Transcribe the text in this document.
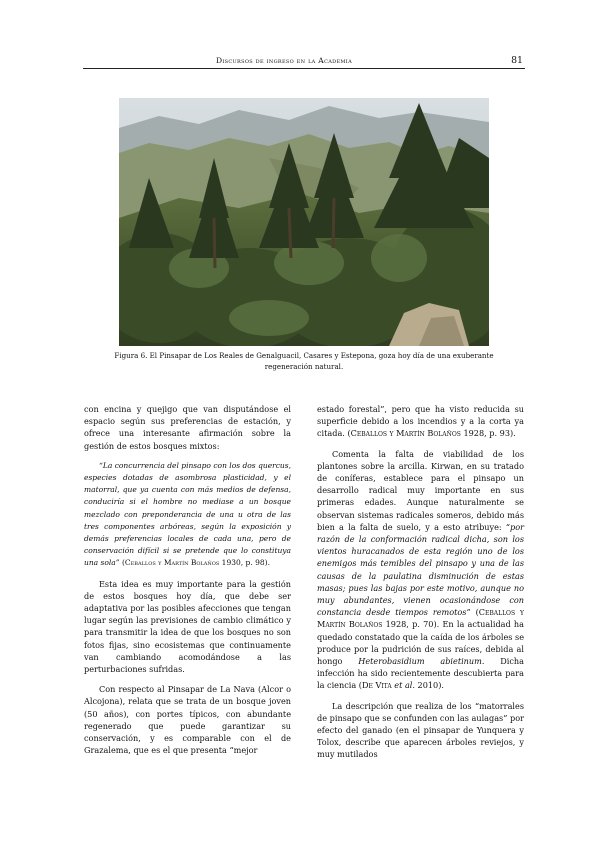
Discursos de ingreso en la Academia	81

Figura 6. El Pinsapar de Los Reales de Genalguacil, Casares y Estepona, goza hoy día de una exuberante
regeneración natural.

con encina y quejigo que van disputándose el espacio según sus preferencias de estación, y ofrece una interesante afirmación sobre la gestión de estos bosques mixtos:

“La concurrencia del pinsapo con los dos quercus, especies dotadas de asombrosa plasticidad, y el matorral, que ya cuenta con más medios de defensa, conduciría si el hombre no mediase a un bosque mezclado con preponderancia de una u otra de las tres componentes arbóreas, según la exposición y demás preferencias locales de cada una, pero de conservación difícil si se pretende que lo constituya una sola” (Ceballos y Martín Bolaños 1930, p. 98).

Esta idea es muy importante para la gestión de estos bosques hoy día, que debe ser adaptativa por las posibles afecciones que tengan lugar según las previsiones de cambio climático y para transmitir la idea de que los bosques no son fotos fijas, sino ecosistemas que continuamente van cambiando acomodándose a las perturbaciones sufridas.

Con respecto al Pinsapar de La Nava (Alcor o Alcojona), relata que se trata de un bosque joven (50 años), con portes típicos, con abundante regenerado que puede garantizar su conservación, y es comparable con el de Grazalema, que es el que presenta “mejor

estado forestal”, pero que ha visto reducida su superficie debido a los incendios y a la corta ya citada. (Ceballos y Martín Bolaños 1928, p. 93).

Comenta la falta de viabilidad de los plantones sobre la arcilla. Kirwan, en su tratado de coníferas, establece para el pinsapo un desarrollo radical muy importante en sus primeras edades. Aunque naturalmente se observan sistemas radicales someros, debido más bien a la falta de suelo, y a esto atribuye: “por razón de la conformación radical dicha, son los vientos huracanados de esta región uno de los enemigos más temibles del pinsapo y una de las causas de la paulatina disminución de estas masas; pues las bajas por este motivo, aunque no muy abundantes, vienen ocasionándose con constancia desde tiempos remotos” (Ceballos y Martín Bolaños 1928, p. 70). En la actualidad ha quedado constatado que la caída de los árboles se produce por la pudrición de sus raíces, debida al hongo Heterobasidium abietinum. Dicha infección ha sido recientemente descubierta para la ciencia (De Vita et al. 2010).

La descripción que realiza de los “matorrales de pinsapo que se confunden con las aulagas” por efecto del ganado (en el pinsapar de Yunquera y Tolox, describe que aparecen árboles reviejos, y muy mutilados
